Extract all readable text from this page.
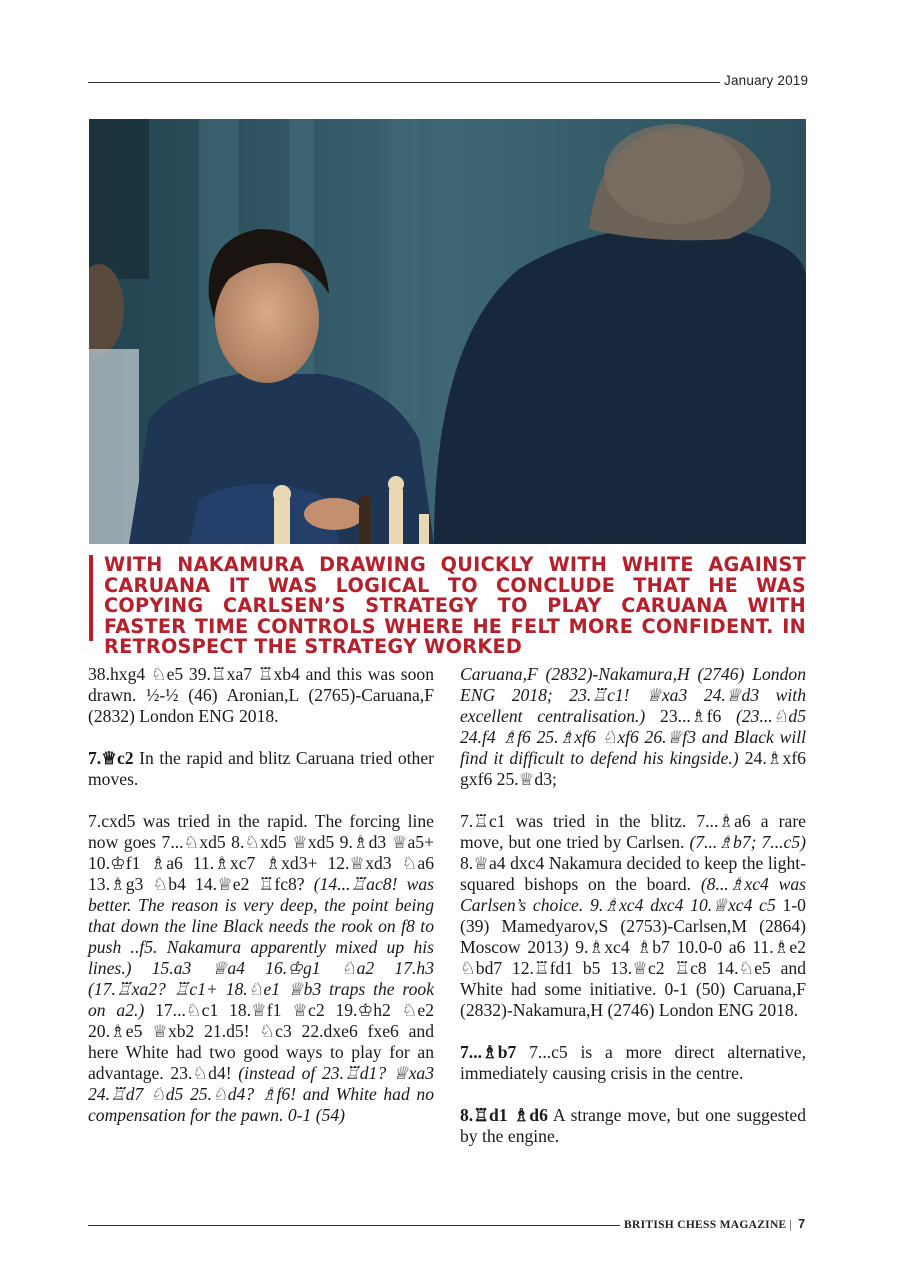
January 2019

WITH NAKAMURA DRAWING QUICKLY WITH WHITE AGAINST CARUANA IT WAS LOGICAL TO CONCLUDE THAT HE WAS COPYING CARLSEN’S STRATEGY TO PLAY CARUANA WITH FASTER TIME CONTROLS WHERE HE FELT MORE CONFIDENT. IN RETROSPECT THE STRATEGY WORKED

38.hxg4 ♘e5 39.♖xa7 ♖xb4 and this was soon drawn. ½-½ (46) Aronian,L (2765)-Caruana,F (2832) London ENG 2018.

7.♕c2 In the rapid and blitz Caruana tried other moves.

7.cxd5 was tried in the rapid. The forcing line now goes 7...♘xd5 8.♘xd5 ♕xd5 9.♗d3 ♕a5+ 10.♔f1 ♗a6 11.♗xc7 ♗xd3+ 12.♕xd3 ♘a6 13.♗g3 ♘b4 14.♕e2 ♖fc8? (14...♖ac8! was better. The reason is very deep, the point being that down the line Black needs the rook on f8 to push ..f5. Nakamura apparently mixed up his lines.) 15.a3 ♕a4 16.♔g1 ♘a2 17.h3 (17.♖xa2? ♖c1+ 18.♘e1 ♕b3 traps the rook on a2.) 17...♘c1 18.♕f1 ♕c2 19.♔h2 ♘e2 20.♗e5 ♕xb2 21.d5! ♘c3 22.dxe6 fxe6 and here White had two good ways to play for an advantage. 23.♘d4! (instead of 23.♖d1? ♕xa3 24.♖d7 ♘d5 25.♘d4? ♗f6! and White had no compensation for the pawn. 0-1 (54)

Caruana,F (2832)-Nakamura,H (2746) London ENG 2018; 23.♖c1! ♕xa3 24.♕d3 with excellent centralisation.) 23...♗f6 (23...♘d5 24.f4 ♗f6 25.♗xf6 ♘xf6 26.♕f3 and Black will find it difficult to defend his kingside.) 24.♗xf6 gxf6 25.♕d3;

7.♖c1 was tried in the blitz. 7...♗a6 a rare move, but one tried by Carlsen. (7...♗b7; 7...c5) 8.♕a4 dxc4 Nakamura decided to keep the light-squared bishops on the board. (8...♗xc4 was Carlsen’s choice. 9.♗xc4 dxc4 10.♕xc4 c5 1-0 (39) Mamedyarov,S (2753)-Carlsen,M (2864) Moscow 2013) 9.♗xc4 ♗b7 10.0-0 a6 11.♗e2 ♘bd7 12.♖fd1 b5 13.♕c2 ♖c8 14.♘e5 and White had some initiative. 0-1 (50) Caruana,F (2832)-Nakamura,H (2746) London ENG 2018.

7...♗b7 7...c5 is a more direct alternative, immediately causing crisis in the centre.

8.♖d1 ♗d6 A strange move, but one suggested by the engine.

BRITISH CHESS MAGAZINE | 7
